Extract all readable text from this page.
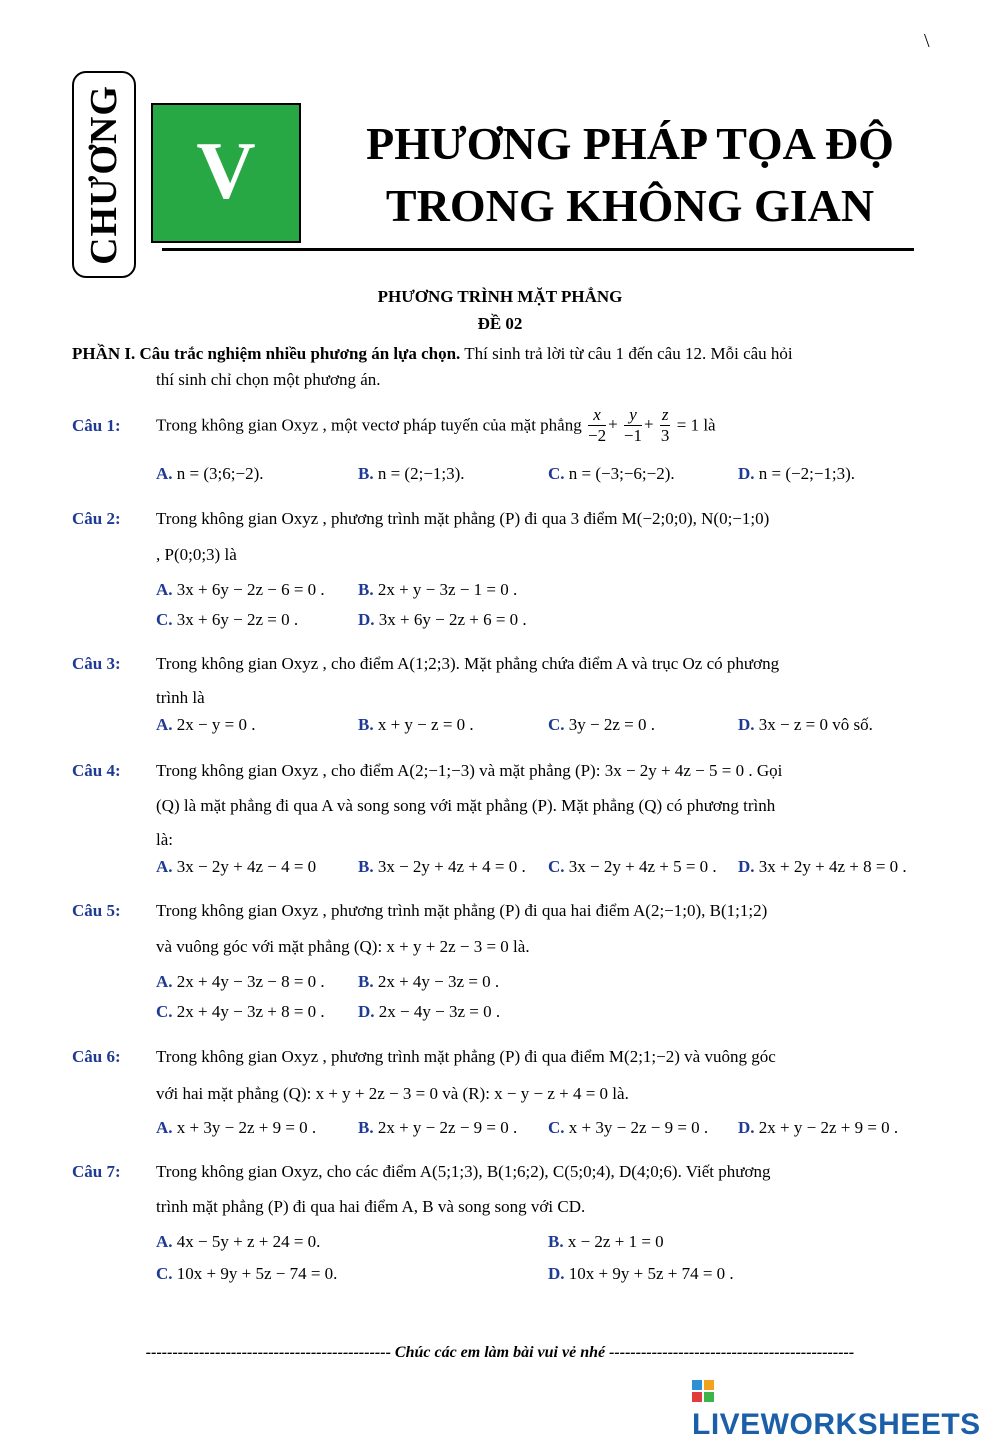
\
CHƯƠNG V	PHƯƠNG PHÁP TỌA ĐỘ
TRONG KHÔNG GIAN
PHƯƠNG TRÌNH MẶT PHẲNG
ĐỀ 02
PHẦN I. Câu trắc nghiệm nhiều phương án lựa chọn. Thí sinh trả lời từ câu 1 đến câu 12. Mỗi câu hỏi
thí sinh chỉ chọn một phương án.
Câu 1: Trong không gian Oxyz , một vectơ pháp tuyến của mặt phẳng $\frac{x}{-2} + \frac{y}{-1} + \frac{z}{3} = 1$ là
A. n = (3;6;−2).	B. n = (2;−1;3).	C. n = (−3;−6;−2).	D. n = (−2;−1;3).
Câu 2: Trong không gian Oxyz , phương trình mặt phẳng (P) đi qua 3 điểm M(−2;0;0), N(0;−1;0)
, P(0;0;3) là
A. 3x + 6y − 2z − 6 = 0 . B. 2x + y − 3z − 1 = 0 .
C. 3x + 6y − 2z = 0 .	D. 3x + 6y − 2z + 6 = 0 .
Câu 3: Trong không gian Oxyz , cho điểm A(1;2;3). Mặt phẳng chứa điểm A và trục Oz có phương
trình là
A. 2x − y = 0 .	B. x + y − z = 0 .	C. 3y − 2z = 0 .	D. 3x − z = 0 vô số.
Câu 4: Trong không gian Oxyz , cho điểm A(2;−1;−3) và mặt phẳng (P): 3x − 2y + 4z − 5 = 0 . Gọi
(Q) là mặt phẳng đi qua A và song song với mặt phẳng (P). Mặt phẳng (Q) có phương trình
là:
A. 3x − 2y + 4z − 4 = 0 B. 3x − 2y + 4z + 4 = 0 . C. 3x − 2y + 4z + 5 = 0 . D. 3x + 2y + 4z + 8 = 0 .
Câu 5: Trong không gian Oxyz , phương trình mặt phẳng (P) đi qua hai điểm A(2;−1;0), B(1;1;2)
và vuông góc với mặt phẳng (Q): x + y + 2z − 3 = 0 là.
A. 2x + 4y − 3z − 8 = 0 . B. 2x + 4y − 3z = 0 .
C. 2x + 4y − 3z + 8 = 0 . D. 2x − 4y − 3z = 0 .
Câu 6: Trong không gian Oxyz , phương trình mặt phẳng (P) đi qua điểm M(2;1;−2) và vuông góc
với hai mặt phẳng (Q): x + y + 2z − 3 = 0 và (R): x − y − z + 4 = 0 là.
A. x + 3y − 2z + 9 = 0 . B. 2x + y − 2z − 9 = 0 . C. x + 3y − 2z − 9 = 0 . D. 2x + y − 2z + 9 = 0 .
Câu 7: Trong không gian Oxyz, cho các điểm A(5;1;3), B(1;6;2), C(5;0;4), D(4;0;6). Viết phương
trình mặt phẳng (P) đi qua hai điểm A, B và song song với CD.
A. 4x − 5y + z + 24 = 0.	B. x − 2z + 1 = 0
C. 10x + 9y + 5z − 74 = 0.	D. 10x + 9y + 5z + 74 = 0 .
---------------------------------------------- Chúc các em làm bài vui vẻ nhé ----------------------------------------------
LIVEWORKSHEETS
